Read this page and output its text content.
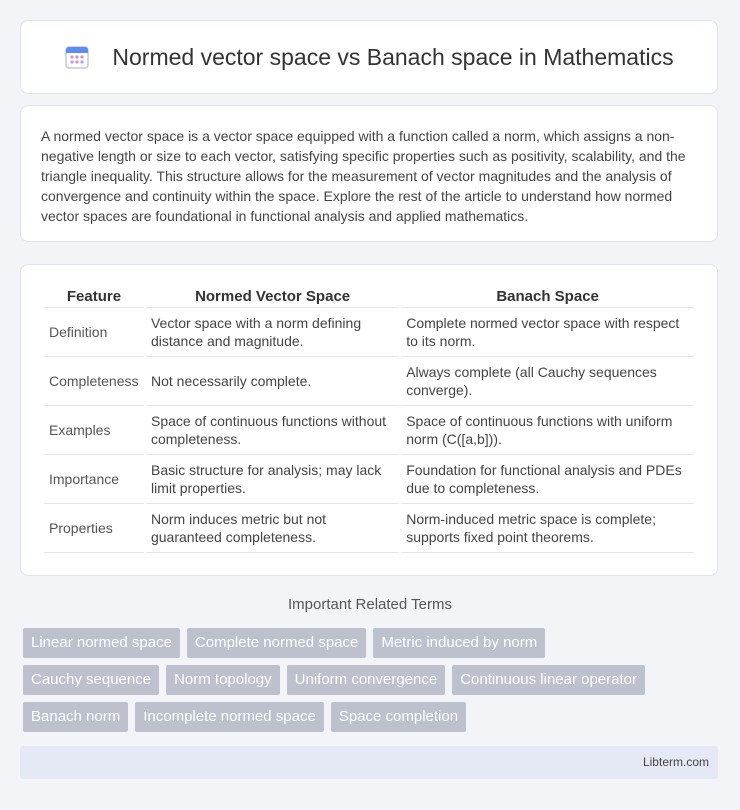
Normed vector space vs Banach space in Mathematics

A normed vector space is a vector space equipped with a function called a norm, which assigns a non-negative length or size to each vector, satisfying specific properties such as positivity, scalability, and the triangle inequality. This structure allows for the measurement of vector magnitudes and the analysis of convergence and continuity within the space. Explore the rest of the article to understand how normed vector spaces are foundational in functional analysis and applied mathematics.

Feature	Normed Vector Space	Banach Space
Definition	Vector space with a norm defining distance and magnitude.	Complete normed vector space with respect to its norm.
Completeness	Not necessarily complete.	Always complete (all Cauchy sequences converge).
Examples	Space of continuous functions without completeness.	Space of continuous functions with uniform norm (C([a,b])).
Importance	Basic structure for analysis; may lack limit properties.	Foundation for functional analysis and PDEs due to completeness.
Properties	Norm induces metric but not guaranteed completeness.	Norm-induced metric space is complete; supports fixed point theorems.
Important Related Terms
Linear normed space	Complete normed space	Metric induced by norm
Cauchy sequence	Norm topology	Uniform convergence	Continuous linear operator
Banach norm	Incomplete normed space	Space completion
Libterm.com
